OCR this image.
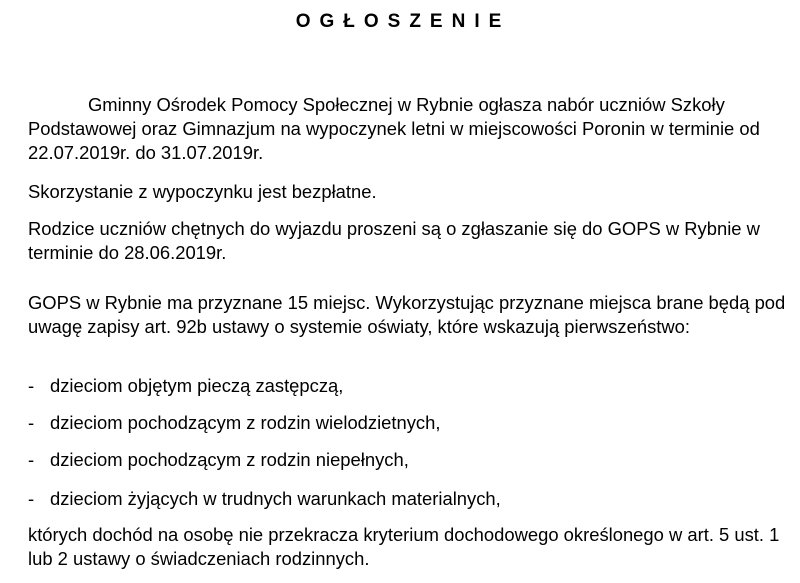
OGŁOSZENIE

Gminny Ośrodek Pomocy Społecznej w Rybnie ogłasza nabór uczniów Szkoły Podstawowej oraz Gimnazjum na wypoczynek letni w miejscowości Poronin w terminie od 22.07.2019r. do 31.07.2019r.

Skorzystanie z wypoczynku jest bezpłatne.

Rodzice uczniów chętnych do wyjazdu proszeni są o zgłaszanie się do GOPS w Rybnie w terminie do 28.06.2019r.

GOPS w Rybnie ma przyznane 15 miejsc. Wykorzystując przyznane miejsca brane będą pod uwagę zapisy art. 92b ustawy o systemie oświaty, które wskazują pierwszeństwo:

- dzieciom objętym pieczą zastępczą,
- dzieciom pochodzącym z rodzin wielodzietnych,
- dzieciom pochodzącym z rodzin niepełnych,
- dzieciom żyjących w trudnych warunkach materialnych,

których dochód na osobę nie przekracza kryterium dochodowego określonego w art. 5 ust. 1 lub 2 ustawy o świadczeniach rodzinnych.
